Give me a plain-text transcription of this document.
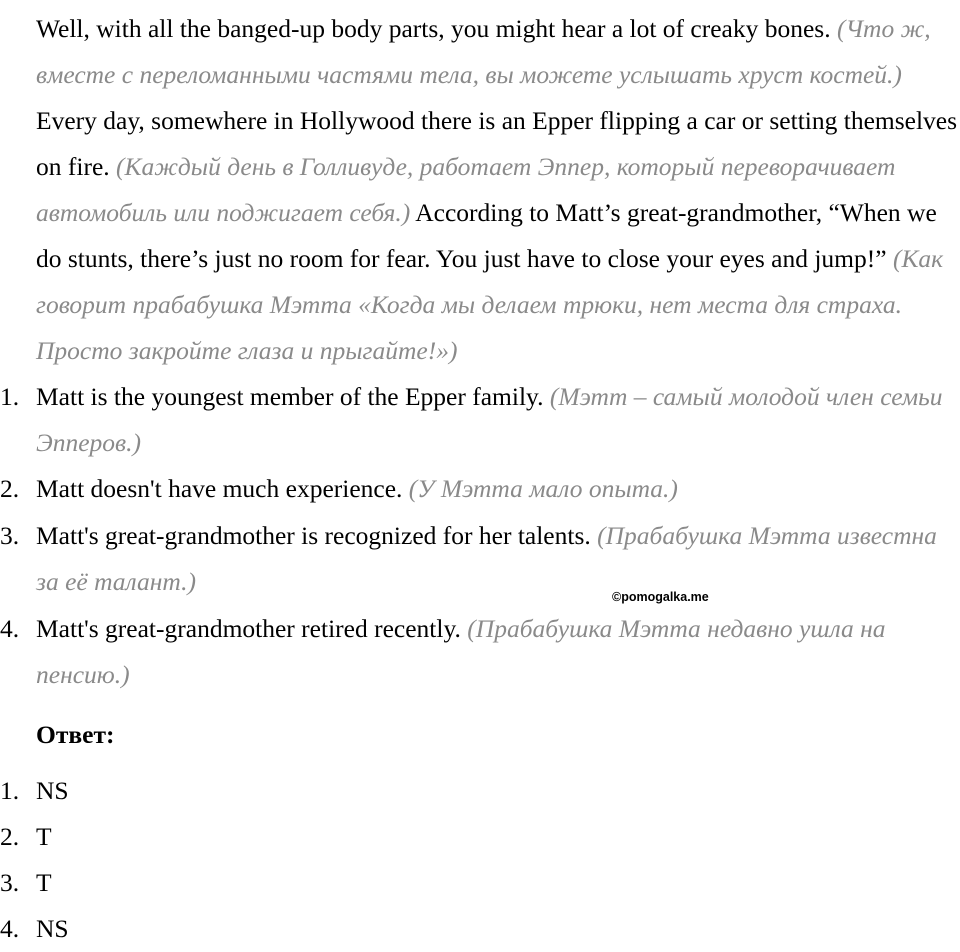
Well, with all the banged-up body parts, you might hear a lot of creaky bones. (Что ж, вместе с переломанными частями тела, вы можете услышать хруст костей.) Every day, somewhere in Hollywood there is an Epper flipping a car or setting themselves on fire. (Каждый день в Голливуде, работает Эппер, который переворачивает автомобиль или поджигает себя.) According to Matt’s great-grandmother, “When we do stunts, there’s just no room for fear. You just have to close your eyes and jump!” (Как говорит прабабушка Мэтта «Когда мы делаем трюки, нет места для страха. Просто закройте глаза и прыгайте!»)

1. Matt is the youngest member of the Epper family. (Мэтт – самый молодой член семьи Эпперов.)
2. Matt doesn't have much experience. (У Мэтта мало опыта.)
3. Matt's great-grandmother is recognized for her talents. (Прабабушка Мэтта известна за её талант.)
©pomogalka.me
4. Matt's great-grandmother retired recently. (Прабабушка Мэтта недавно ушла на пенсию.)

Ответ:

1. NS
2. T
3. T
4. NS
